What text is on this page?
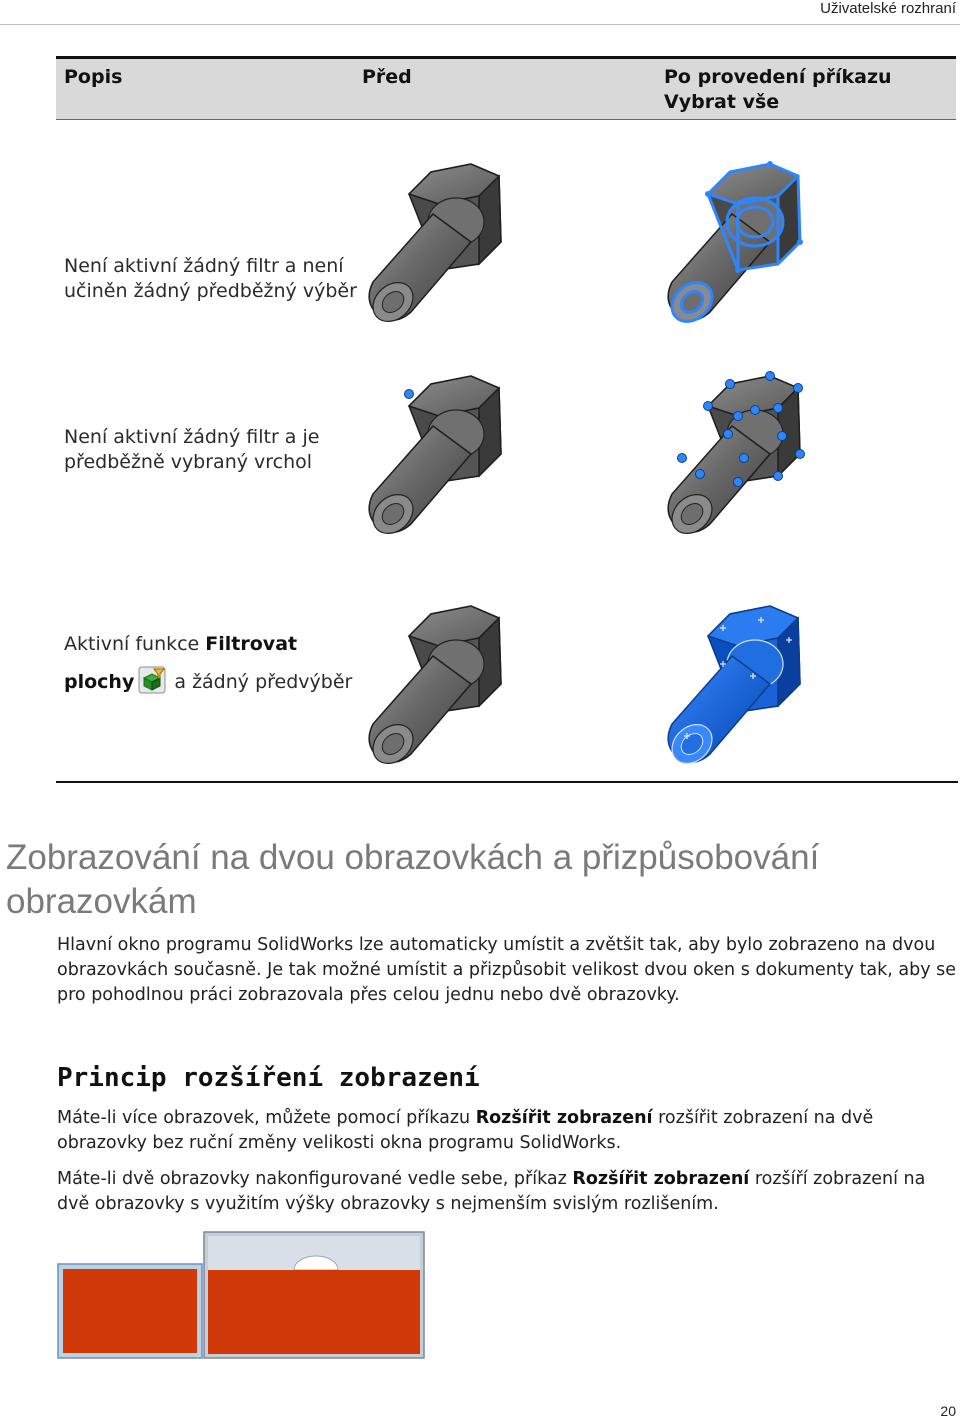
Uživatelské rozhraní
Popis	Před	Po provedení příkazu Vybrat vše
Není aktivní žádný filtr a není učiněn žádný předběžný výběr
Není aktivní žádný filtr a je předběžně vybraný vrchol
Aktivní funkce Filtrovat plochy a žádný předvýběr
Zobrazování na dvou obrazovkách a přizpůsobování obrazovkám

Hlavní okno programu SolidWorks lze automaticky umístit a zvětšit tak, aby bylo zobrazeno na dvou obrazovkách současně. Je tak možné umístit a přizpůsobit velikost dvou oken s dokumenty tak, aby se pro pohodlnou práci zobrazovala přes celou jednu nebo dvě obrazovky.

Princip rozšíření zobrazení

Máte-li více obrazovek, můžete pomocí příkazu Rozšířit zobrazení rozšířit zobrazení na dvě obrazovky bez ruční změny velikosti okna programu SolidWorks.

Máte-li dvě obrazovky nakonfigurované vedle sebe, příkaz Rozšířit zobrazení rozšíří zobrazení na dvě obrazovky s využitím výšky obrazovky s nejmenším svislým rozlišením.

20
